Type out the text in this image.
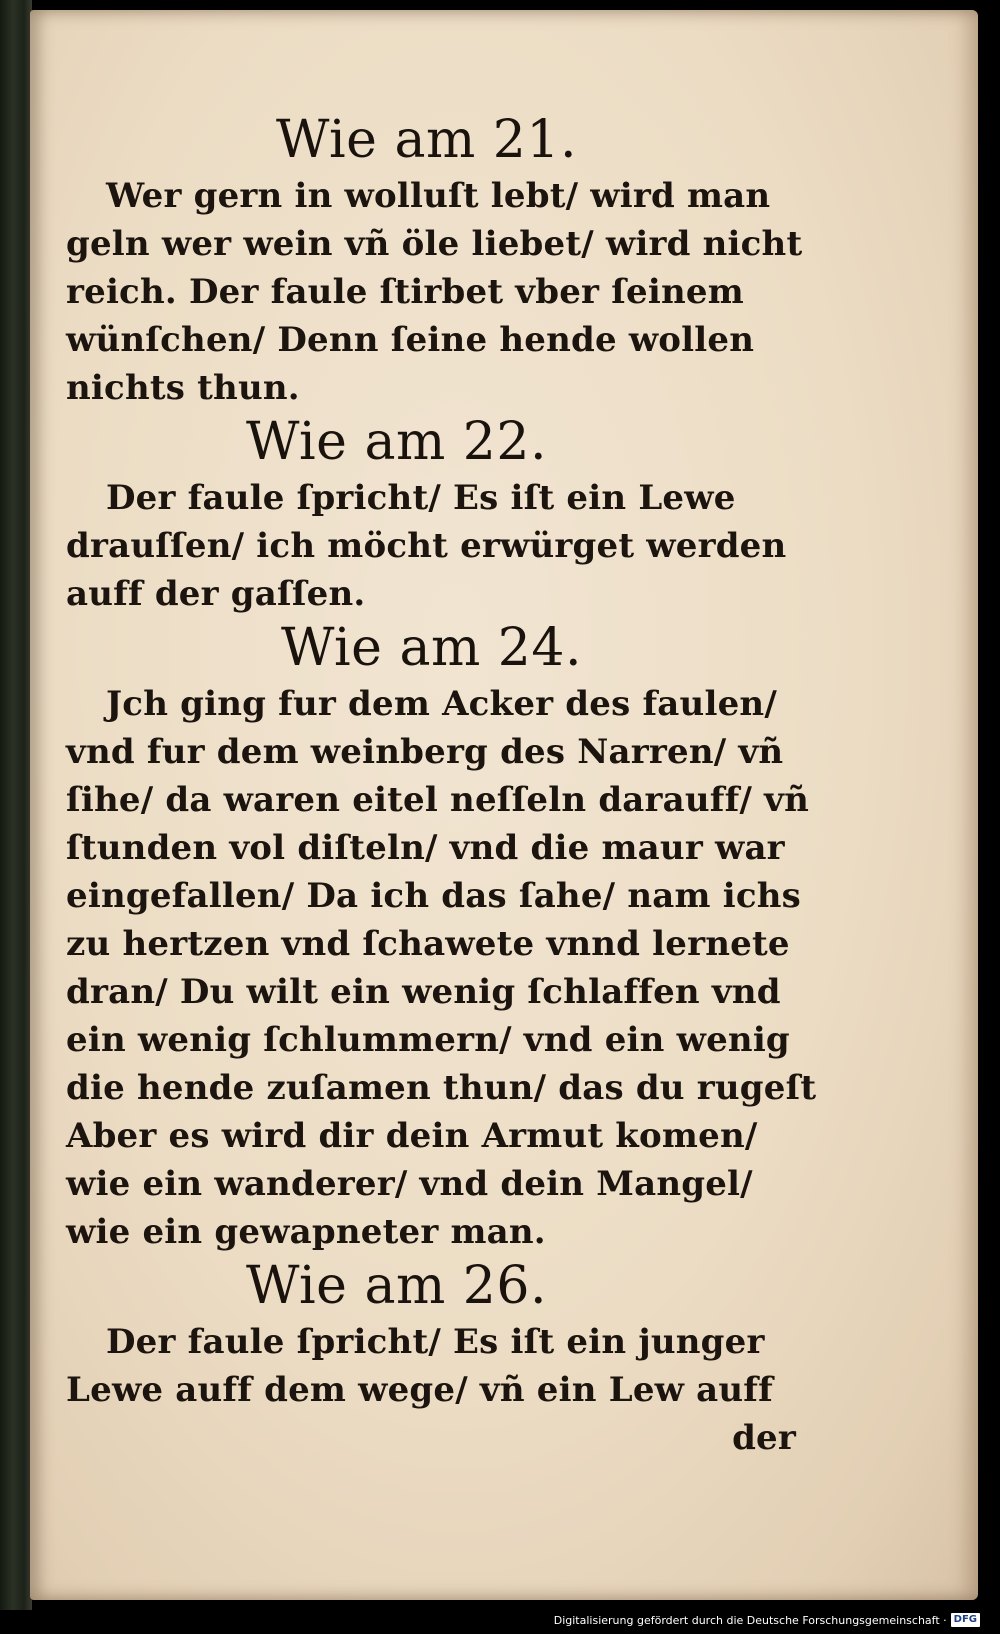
Wie am 21.
Wer gern in wolluſt lebt/ wird man
geln wer wein vñ öle liebet/ wird nicht
reich. Der faule ſtirbet vber ſeinem
wünſchen/ Denn ſeine hende wollen
nichts thun.
Wie am 22.
Der faule ſpricht/ Es iſt ein Lewe
drauſſen/ ich möcht erwürget werden
auff der gaſſen.
Wie am 24.
Jch ging fur dem Acker des faulen/
vnd fur dem weinberg des Narren/ vñ
ſihe/ da waren eitel neſſeln darauff/ vñ
ſtunden vol diſteln/ vnd die maur war
eingefallen/ Da ich das ſahe/ nam ichs
zu hertzen vnd ſchawete vnnd lernete
dran/ Du wilt ein wenig ſchlaffen vnd
ein wenig ſchlummern/ vnd ein wenig
die hende zuſamen thun/ das du rugeſt
Aber es wird dir dein Armut komen/
wie ein wanderer/ vnd dein Mangel/
wie ein gewapneter man.
Wie am 26.
Der faule ſpricht/ Es iſt ein junger
Lewe auff dem wege/ vñ ein Lew auff
der
Digitalisierung gefördert durch die Deutsche Forschungsgemeinschaft · DFG
